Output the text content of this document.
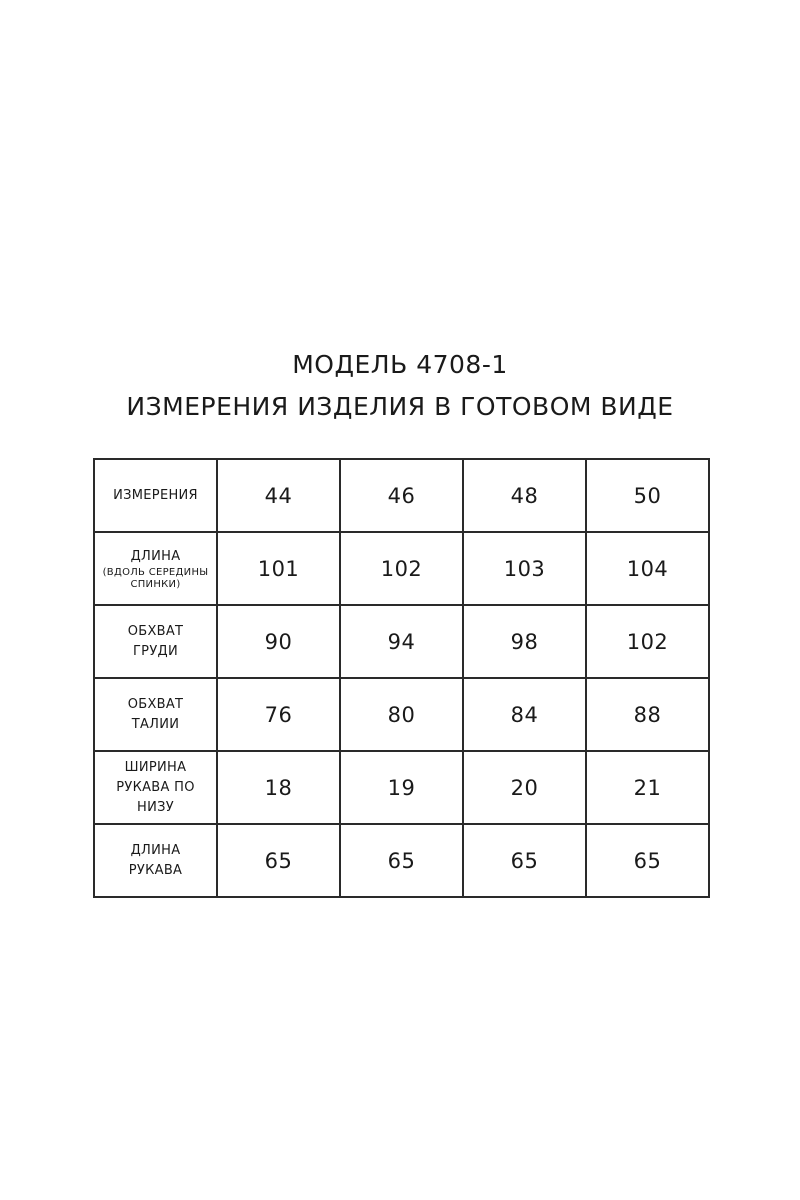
МОДЕЛЬ 4708-1
ИЗМЕРЕНИЯ ИЗДЕЛИЯ В ГОТОВОМ ВИДЕ
ИЗМЕРЕНИЯ	44	46	48	50
ДЛИНА
(ВДОЛЬ СЕРЕДИНЫ СПИНКИ)	101	102	103	104

ОБХВАТ
ГРУДИ	90	94	98	102

ОБХВАТ
ТАЛИИ	76	80	84	88

ШИРИНА
РУКАВА ПО
НИЗУ	18	19	20	21

ДЛИНА
РУКАВА	65	65	65	65
